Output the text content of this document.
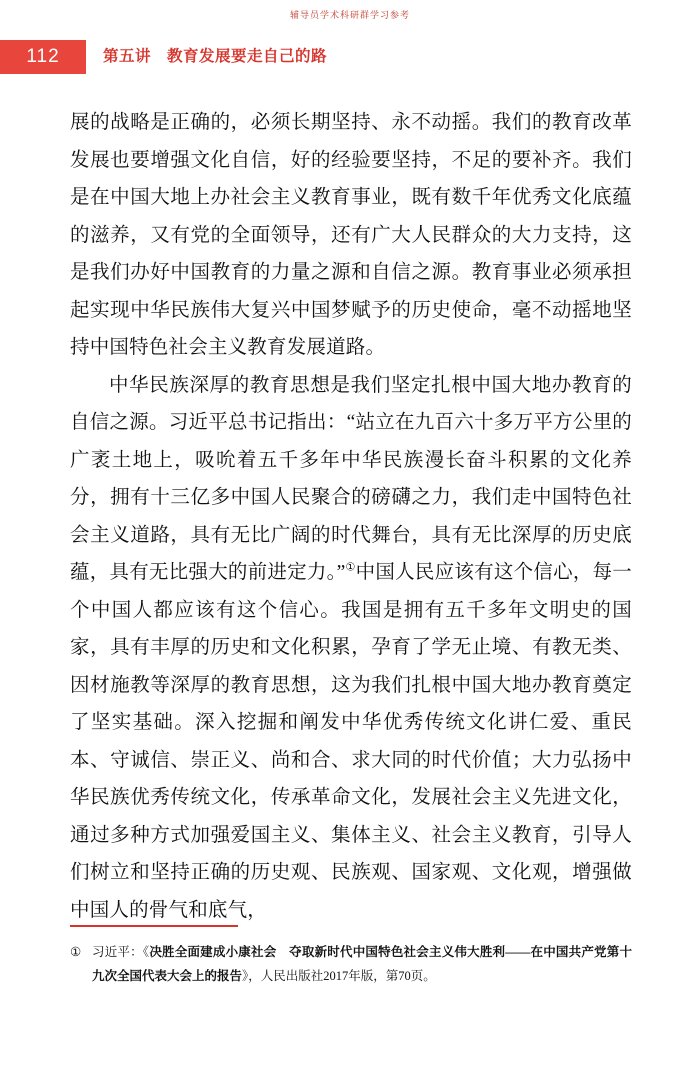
辅导员学术科研群学习参考
112	第五讲　教育发展要走自己的路

展的战略是正确的，必须长期坚持、永不动摇。我们的教育改革发展也要增强文化自信，好的经验要坚持，不足的要补齐。我们是在中国大地上办社会主义教育事业，既有数千年优秀文化底蕴的滋养，又有党的全面领导，还有广大人民群众的大力支持，这是我们办好中国教育的力量之源和自信之源。教育事业必须承担起实现中华民族伟大复兴中国梦赋予的历史使命，毫不动摇地坚持中国特色社会主义教育发展道路。

中华民族深厚的教育思想是我们坚定扎根中国大地办教育的自信之源。习近平总书记指出：“站立在九百六十多万平方公里的广袤土地上，吸吮着五千多年中华民族漫长奋斗积累的文化养分，拥有十三亿多中国人民聚合的磅礴之力，我们走中国特色社会主义道路，具有无比广阔的时代舞台，具有无比深厚的历史底蕴，具有无比强大的前进定力。”①中国人民应该有这个信心，每一个中国人都应该有这个信心。我国是拥有五千多年文明史的国家，具有丰厚的历史和文化积累，孕育了学无止境、有教无类、因材施教等深厚的教育思想，这为我们扎根中国大地办教育奠定了坚实基础。深入挖掘和阐发中华优秀传统文化讲仁爱、重民本、守诚信、崇正义、尚和合、求大同的时代价值；大力弘扬中华民族优秀传统文化，传承革命文化，发展社会主义先进文化，通过多种方式加强爱国主义、集体主义、社会主义教育，引导人们树立和坚持正确的历史观、民族观、国家观、文化观，增强做中国人的骨气和底气，

① 习近平：《决胜全面建成小康社会　夺取新时代中国特色社会主义伟大胜利——在中国共产党第十九次全国代表大会上的报告》，人民出版社2017年版，第70页。
